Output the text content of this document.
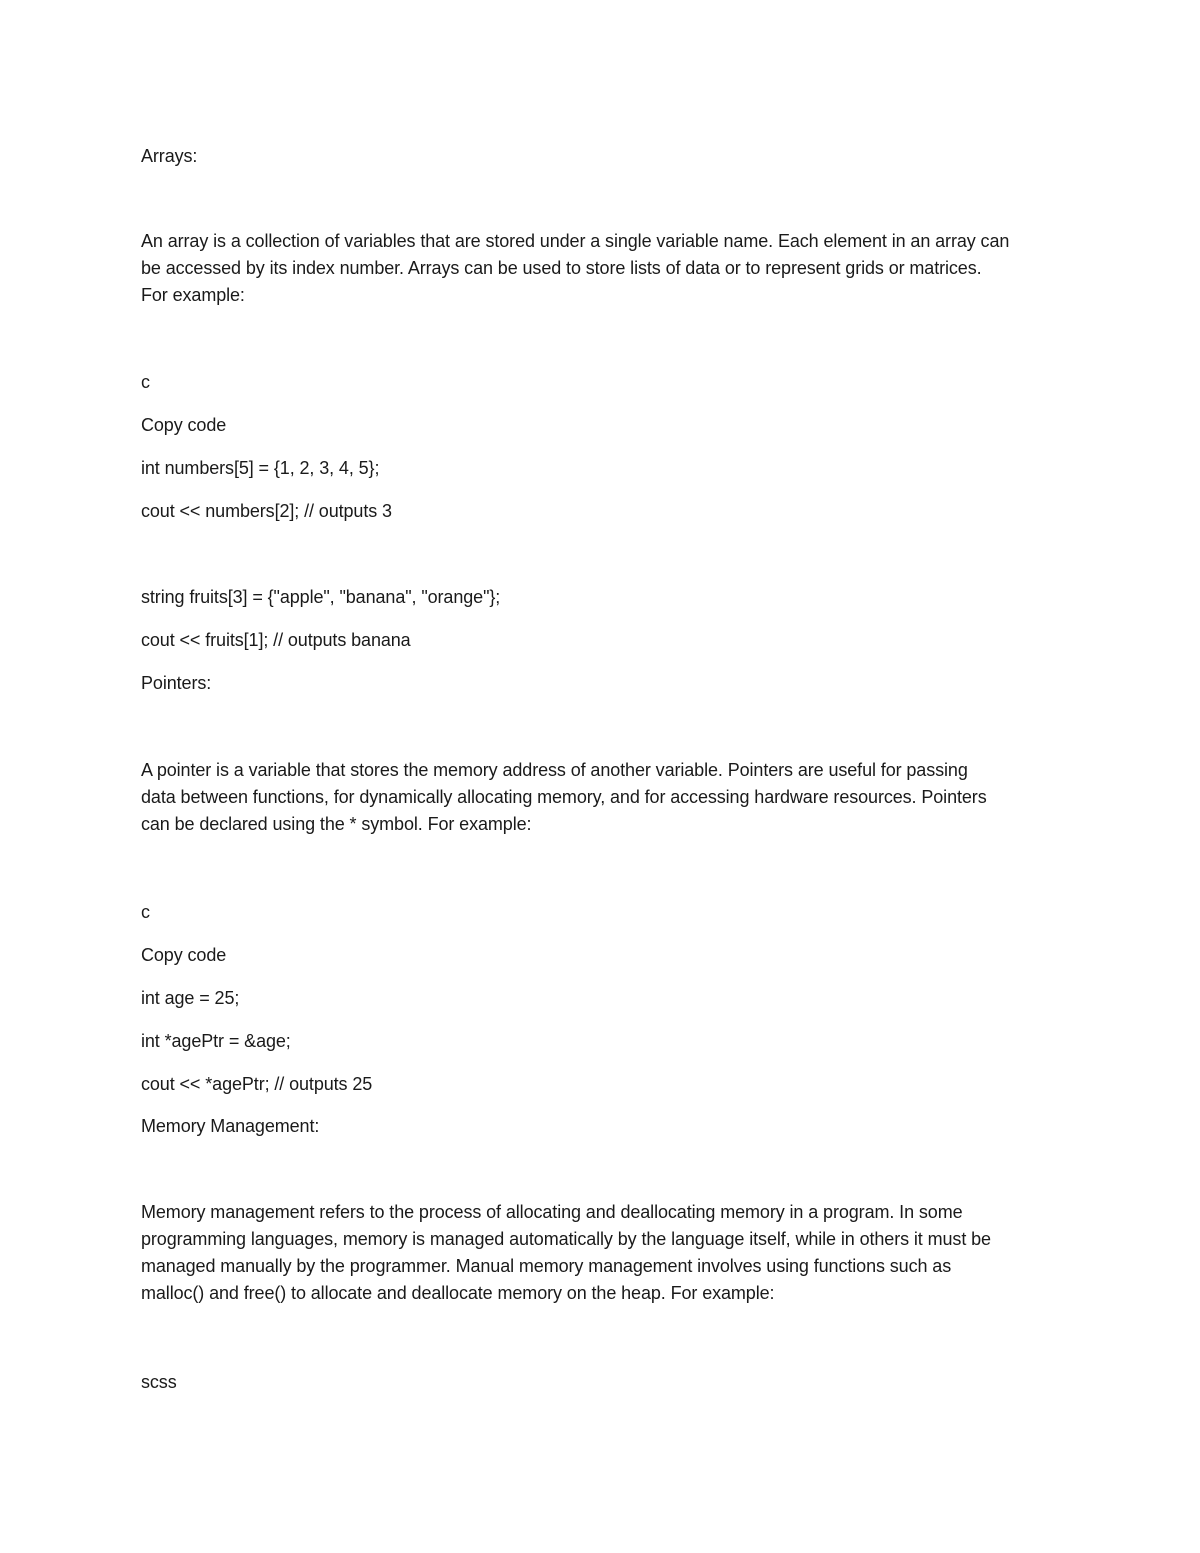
Arrays:

An array is a collection of variables that are stored under a single variable name. Each element in an array can
be accessed by its index number. Arrays can be used to store lists of data or to represent grids or matrices.
For example:

c

Copy code

int numbers[5] = {1, 2, 3, 4, 5};

cout << numbers[2]; // outputs 3

string fruits[3] = {"apple", "banana", "orange"};

cout << fruits[1]; // outputs banana

Pointers:

A pointer is a variable that stores the memory address of another variable. Pointers are useful for passing
data between functions, for dynamically allocating memory, and for accessing hardware resources. Pointers
can be declared using the * symbol. For example:

c

Copy code

int age = 25;

int *agePtr = &age;

cout << *agePtr; // outputs 25

Memory Management:

Memory management refers to the process of allocating and deallocating memory in a program. In some
programming languages, memory is managed automatically by the language itself, while in others it must be
managed manually by the programmer. Manual memory management involves using functions such as
malloc() and free() to allocate and deallocate memory on the heap. For example:

scss
